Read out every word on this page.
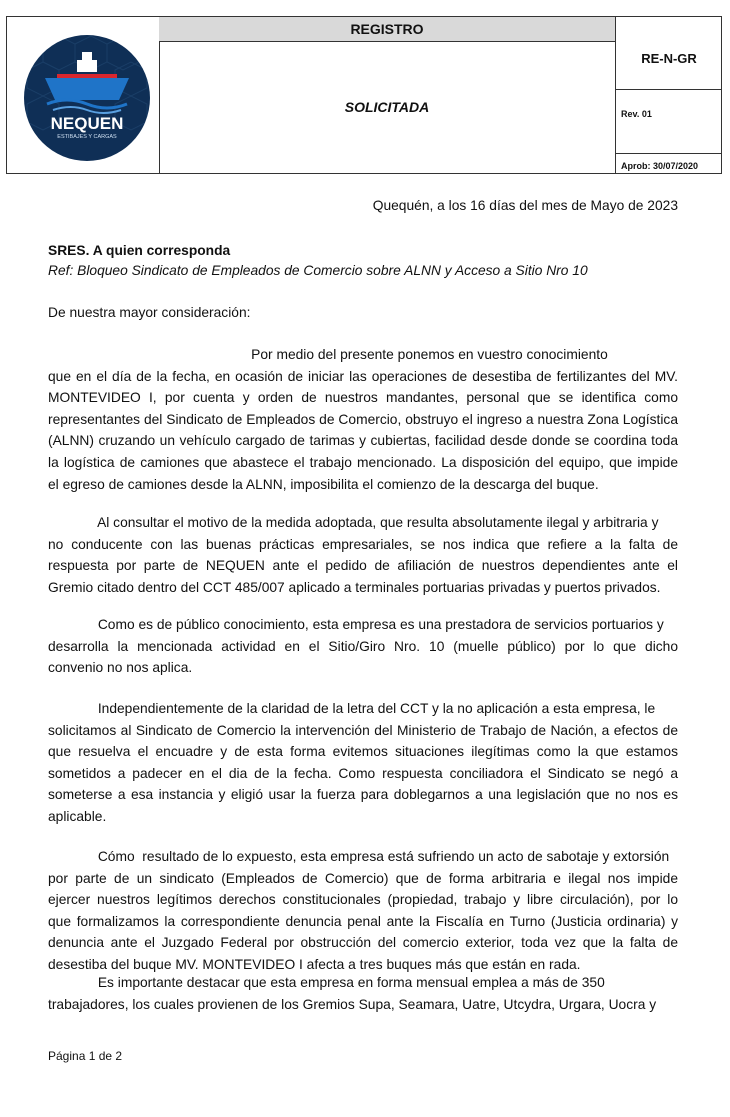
NEQUEN
ESTIBAJES Y CARGAS
REGISTRO
SOLICITADA
RE-N-GR
Rev. 01
Aprob: 30/07/2020
Quequén, a los 16 días del mes de Mayo de 2023
SRES. A quien corresponda
Ref: Bloqueo Sindicato de Empleados de Comercio sobre ALNN y Acceso a Sitio Nro 10
De nuestra mayor consideración:
Por medio del presente ponemos en vuestro conocimiento
que en el día de la fecha, en ocasión de iniciar las operaciones de desestiba de fertilizantes del MV.
MONTEVIDEO I, por cuenta y orden de nuestros mandantes, personal que se identifica como
representantes del Sindicato de Empleados de Comercio, obstruyo el ingreso a nuestra Zona Logística
(ALNN) cruzando un vehículo cargado de tarimas y cubiertas, facilidad desde donde se coordina toda
la logística de camiones que abastece el trabajo mencionado. La disposición del equipo, que impide
el egreso de camiones desde la ALNN, imposibilita el comienzo de la descarga del buque.
Al consultar el motivo de la medida adoptada, que resulta absolutamente ilegal y arbitraria y
no conducente con las buenas prácticas empresariales, se nos indica que refiere a la falta de
respuesta por parte de NEQUEN ante el pedido de afiliación de nuestros dependientes ante el
Gremio citado dentro del CCT 485/007 aplicado a terminales portuarias privadas y puertos privados.
Como es de público conocimiento, esta empresa es una prestadora de servicios portuarios y
desarrolla la mencionada actividad en el Sitio/Giro Nro. 10 (muelle público) por lo que dicho
convenio no nos aplica.
Independientemente de la claridad de la letra del CCT y la no aplicación a esta empresa, le
solicitamos al Sindicato de Comercio la intervención del Ministerio de Trabajo de Nación, a efectos de
que resuelva el encuadre y de esta forma evitemos situaciones ilegítimas como la que estamos
sometidos a padecer en el dia de la fecha. Como respuesta conciliadora el Sindicato se negó a
someterse a esa instancia y eligió usar la fuerza para doblegarnos a una legislación que no nos es
aplicable.
Cómo  resultado de lo expuesto, esta empresa está sufriendo un acto de sabotaje y extorsión
por parte de un sindicato (Empleados de Comercio) que de forma arbitraria e ilegal nos impide
ejercer nuestros legítimos derechos constitucionales (propiedad, trabajo y libre circulación), por lo
que formalizamos la correspondiente denuncia penal ante la Fiscalía en Turno (Justicia ordinaria) y
denuncia ante el Juzgado Federal por obstrucción del comercio exterior, toda vez que la falta de
desestiba del buque MV. MONTEVIDEO I afecta a tres buques más que están en rada.
Es importante destacar que esta empresa en forma mensual emplea a más de 350
trabajadores, los cuales provienen de los Gremios Supa, Seamara, Uatre, Utcydra, Urgara, Uocra y
Página 1 de 2
